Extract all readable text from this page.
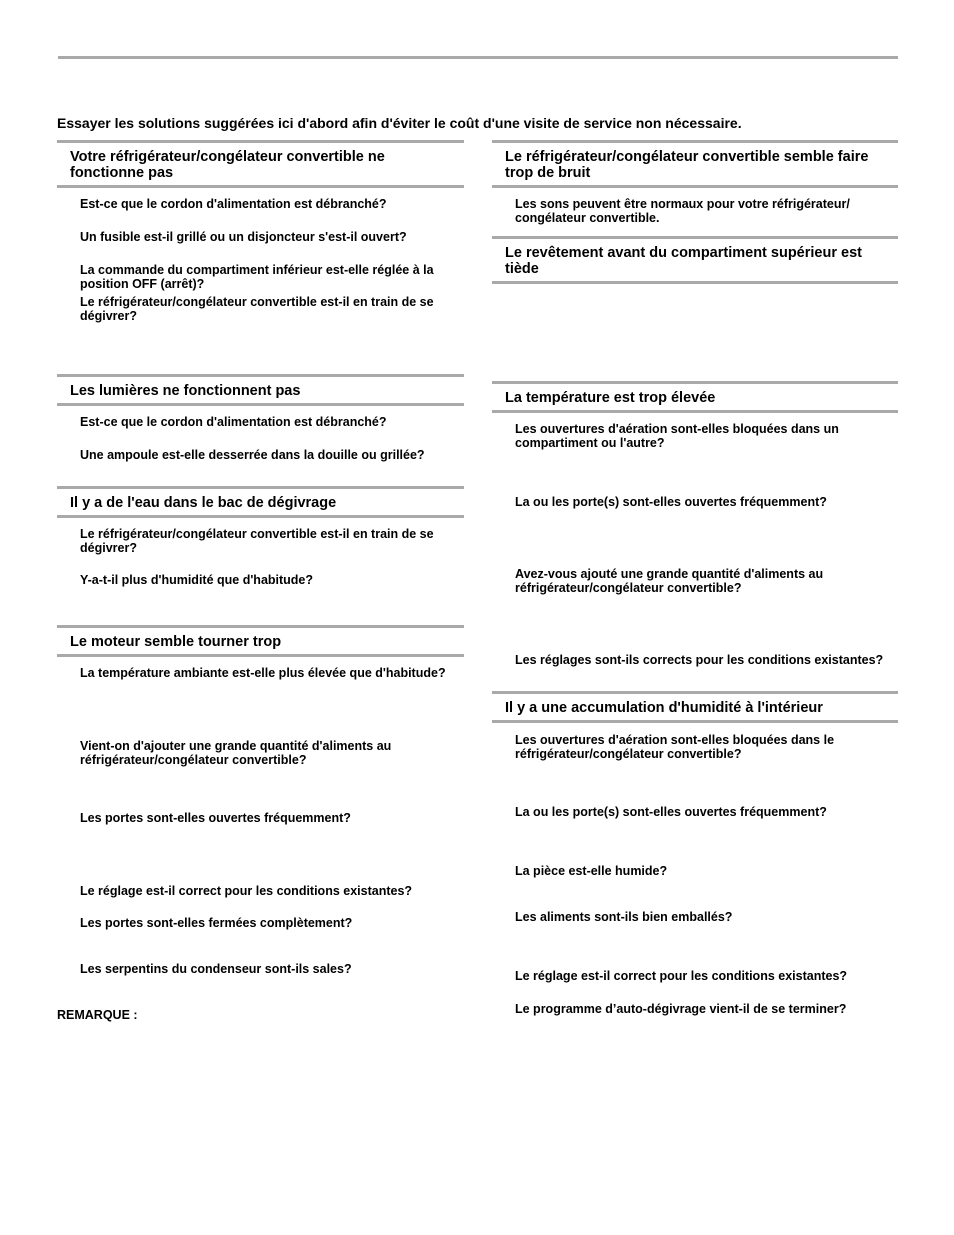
Essayer les solutions suggérées ici d'abord afin d'éviter le coût d'une visite de service non nécessaire.
Votre réfrigérateur/congélateur convertible ne fonctionne pas
Est-ce que le cordon d'alimentation est débranché?
Un fusible est-il grillé ou un disjoncteur s'est-il ouvert?
La commande du compartiment inférieur est-elle réglée à la position OFF (arrêt)?
Le réfrigérateur/congélateur convertible est-il en train de se dégivrer?
Les lumières ne fonctionnent pas
Est-ce que le cordon d'alimentation est débranché?
Une ampoule est-elle desserrée dans la douille ou grillée?
Il y a de l'eau dans le bac de dégivrage
Le réfrigérateur/congélateur convertible est-il en train de se dégivrer?
Y-a-t-il plus d'humidité que d'habitude?
Le moteur semble tourner trop
La température ambiante est-elle plus élevée que d'habitude?
Vient-on d'ajouter une grande quantité d'aliments au réfrigérateur/congélateur convertible?
Les portes sont-elles ouvertes fréquemment?
Le réglage est-il correct pour les conditions existantes?
Les portes sont-elles fermées complètement?
Les serpentins du condenseur sont-ils sales?
REMARQUE :
Le réfrigérateur/congélateur convertible semble faire trop de bruit
Les sons peuvent être normaux pour votre réfrigérateur/ congélateur convertible.
Le revêtement avant du compartiment supérieur est tiède
La température est trop élevée
Les ouvertures d'aération sont-elles bloquées dans un compartiment ou l'autre?
La ou les porte(s) sont-elles ouvertes fréquemment?
Avez-vous ajouté une grande quantité d'aliments au réfrigérateur/congélateur convertible?
Les réglages sont-ils corrects pour les conditions existantes?
Il y a une accumulation d'humidité à l'intérieur
Les ouvertures d'aération sont-elles bloquées dans le réfrigérateur/congélateur convertible?
La ou les porte(s) sont-elles ouvertes fréquemment?
La pièce est-elle humide?
Les aliments sont-ils bien emballés?
Le réglage est-il correct pour les conditions existantes?
Le programme d’auto-dégivrage vient-il de se terminer?
